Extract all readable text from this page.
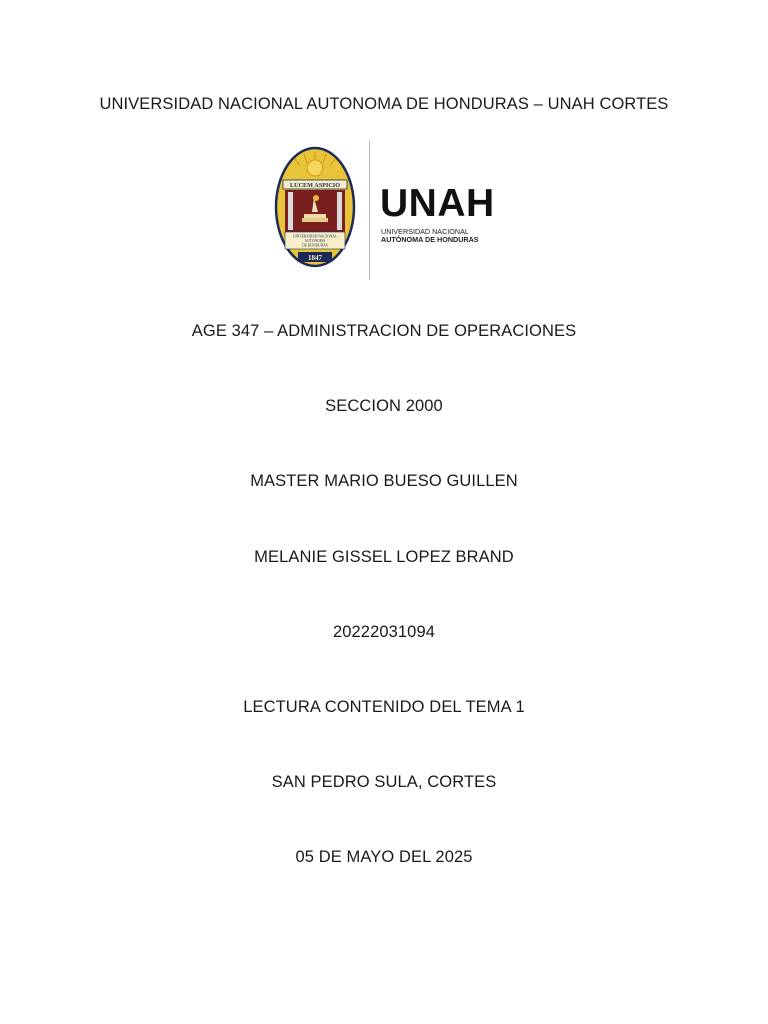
UNIVERSIDAD NACIONAL AUTONOMA DE HONDURAS – UNAH CORTES
LUCEM ASPICIO
UNIVERSIDAD NACIONAL
AUTONOMA
DE HONDURAS
1847
UNAH
UNIVERSIDAD NACIONAL
AUTÓNOMA DE HONDURAS
AGE 347 – ADMINISTRACION DE OPERACIONES
SECCION 2000
MASTER MARIO BUESO GUILLEN
MELANIE GISSEL LOPEZ BRAND
20222031094
LECTURA CONTENIDO DEL TEMA 1
SAN PEDRO SULA, CORTES
05 DE MAYO DEL 2025
